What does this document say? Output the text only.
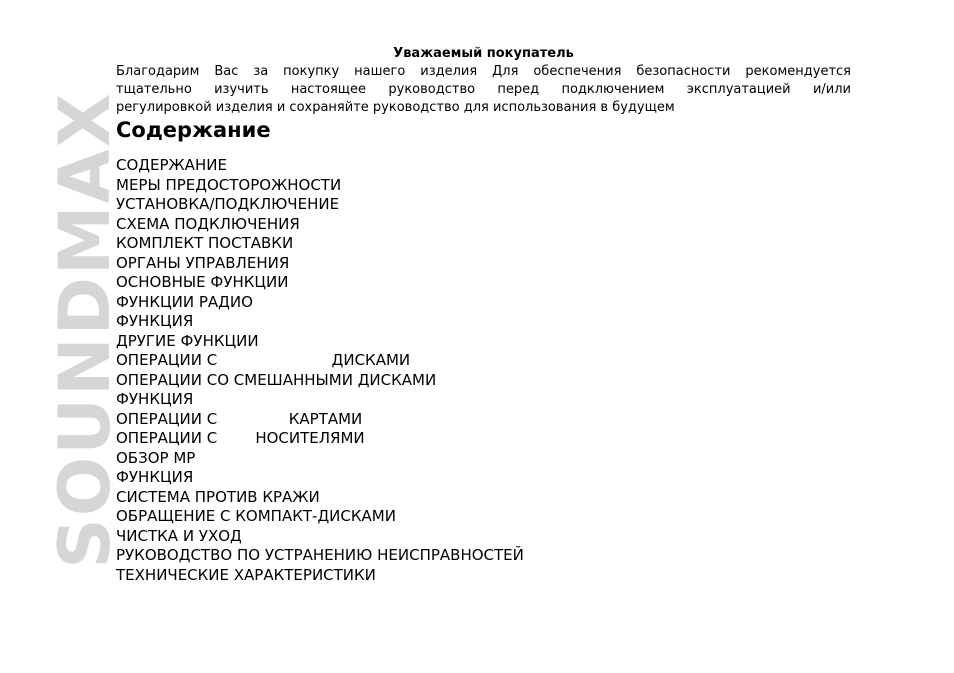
SOUNDMAX
Уважаемый покупатель
Благодарим Вас за покупку нашего изделия Для обеспечения безопасности рекомендуется
тщательно изучить настоящее руководство перед подключением эксплуатацией и/или
регулировкой изделия и сохраняйте руководство для использования в будущем
Содержание
СОДЕРЖАНИЕ
МЕРЫ ПРЕДОСТОРОЖНОСТИ
УСТАНОВКА/ПОДКЛЮЧЕНИЕ
СХЕМА ПОДКЛЮЧЕНИЯ
КОМПЛЕКТ ПОСТАВКИ
ОРГАНЫ УПРАВЛЕНИЯ
ОСНОВНЫЕ ФУНКЦИИ
ФУНКЦИИ РАДИО
ФУНКЦИЯ
ДРУГИЕ ФУНКЦИИ
ОПЕРАЦИИ С                        ДИСКАМИ
ОПЕРАЦИИ СО СМЕШАННЫМИ ДИСКАМИ
ФУНКЦИЯ
ОПЕРАЦИИ С               КАРТАМИ
ОПЕРАЦИИ С        НОСИТЕЛЯМИ
ОБЗОР МР
ФУНКЦИЯ
СИСТЕМА ПРОТИВ КРАЖИ
ОБРАЩЕНИЕ С КОМПАКТ-ДИСКАМИ
ЧИСТКА И УХОД
РУКОВОДСТВО ПО УСТРАНЕНИЮ НЕИСПРАВНОСТЕЙ
ТЕХНИЧЕСКИЕ ХАРАКТЕРИСТИКИ
